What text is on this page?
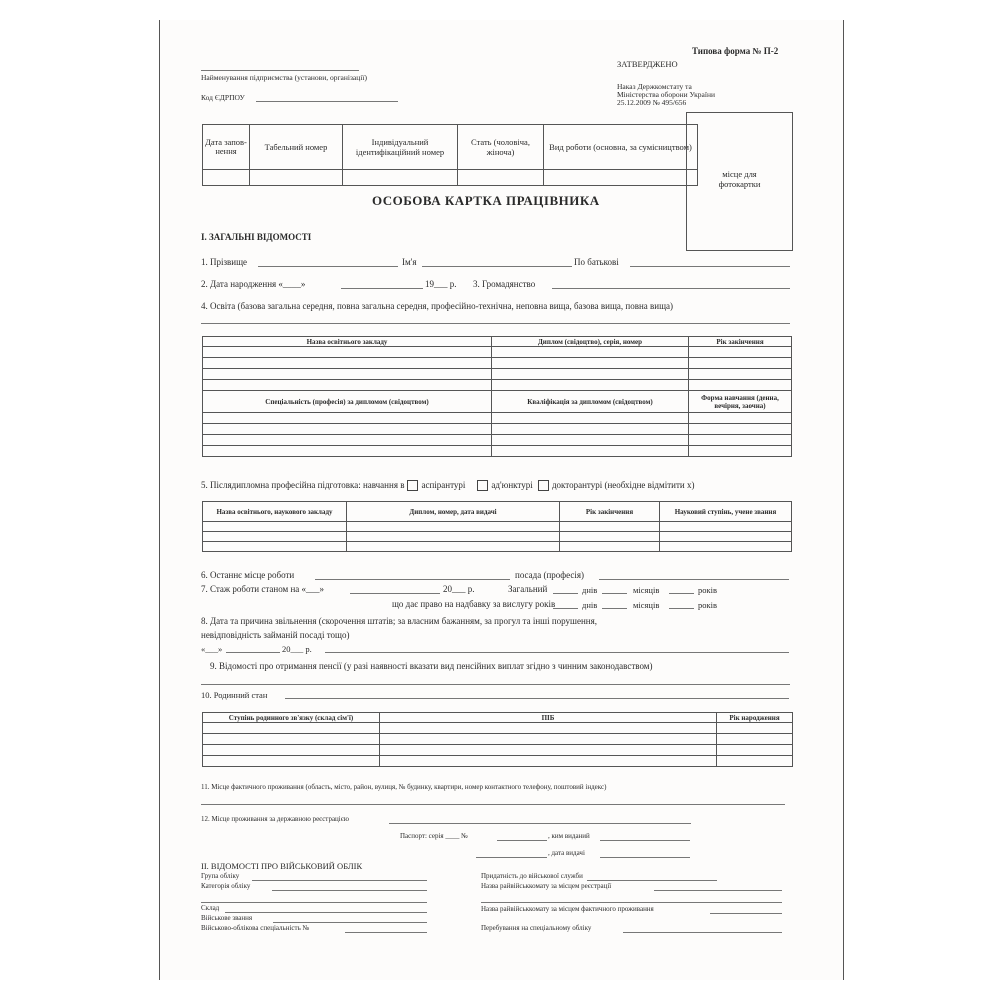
Типова форма № П-2
ЗАТВЕРДЖЕНО
Наказ Держкомстату та
Міністерства оборони України
25.12.2009 № 495/656
Найменування підприємства (установи, організації)
Код ЄДРПОУ
Дата запов- нення	Табельний номер	Індивідуальний ідентифікаційний номер	Стать (чоловіча, жіноча)	Вид роботи (основна, за сумісництвом)

місце для фотокартки
ОСОБОВА КАРТКА ПРАЦІВНИКА
І. ЗАГАЛЬНІ ВІДОМОСТІ
1. Прізвище	Ім'я	По батькові
2. Дата народження «____»	19___ р. 3. Громадянство
4. Освіта (базова загальна середня, повна загальна середня, професійно-технічна, неповна вища, базова вища, повна вища)
Назва освітнього закладу	Диплом (свідоцтво), серія, номер	Рік закінчення

Спеціальність (професія) за дипломом (свідоцтвом)	Кваліфікація за дипломом (свідоцтвом)	Форма навчання (денна, вечірня, заочна)

5. Післядипломна професійна підготовка: навчання в аспірантурі	ад'юнктурі докторантурі (необхідне відмітити х)
Назва освітнього, наукового закладу	Диплом, номер, дата видачі	Рік закінчення	Науковий ступінь, учене звання

6. Останнє місце роботи	посада (професія)
7. Стаж роботи станом на «___»	20___ р.	Загальний	днів	місяців	років
що дає право на надбавку за вислугу років	днів	місяців	років
8. Дата та причина звільнення (скорочення штатів; за власним бажанням, за прогул та інші порушення,
невідповідність займаній посаді тощо)
«___»	20___ р.
9. Відомості про отримання пенсії (у разі наявності вказати вид пенсійних виплат згідно з чинним законодавством)
10. Родинний стан
Ступінь родинного зв'язку (склад сім'ї)	ПІБ	Рік народження

11. Місце фактичного проживання (область, місто, район, вулиця, № будинку, квартири, номер контактного телефону, поштовий індекс)
12. Місце проживання за державною реєстрацією
Паспорт: серія ____ №	, ким виданий
, дата видачі
ІІ. ВІДОМОСТІ ПРО ВІЙСЬКОВИЙ ОБЛІК
Група обліку
Категорія обліку
Склад
Військове звання
Військово-облікова спеціальність №
Придатність до військової служби
Назва райвійськкомату за місцем реєстрації
Назва райвійськкомату за місцем фактичного проживання
Перебування на спеціальному обліку
